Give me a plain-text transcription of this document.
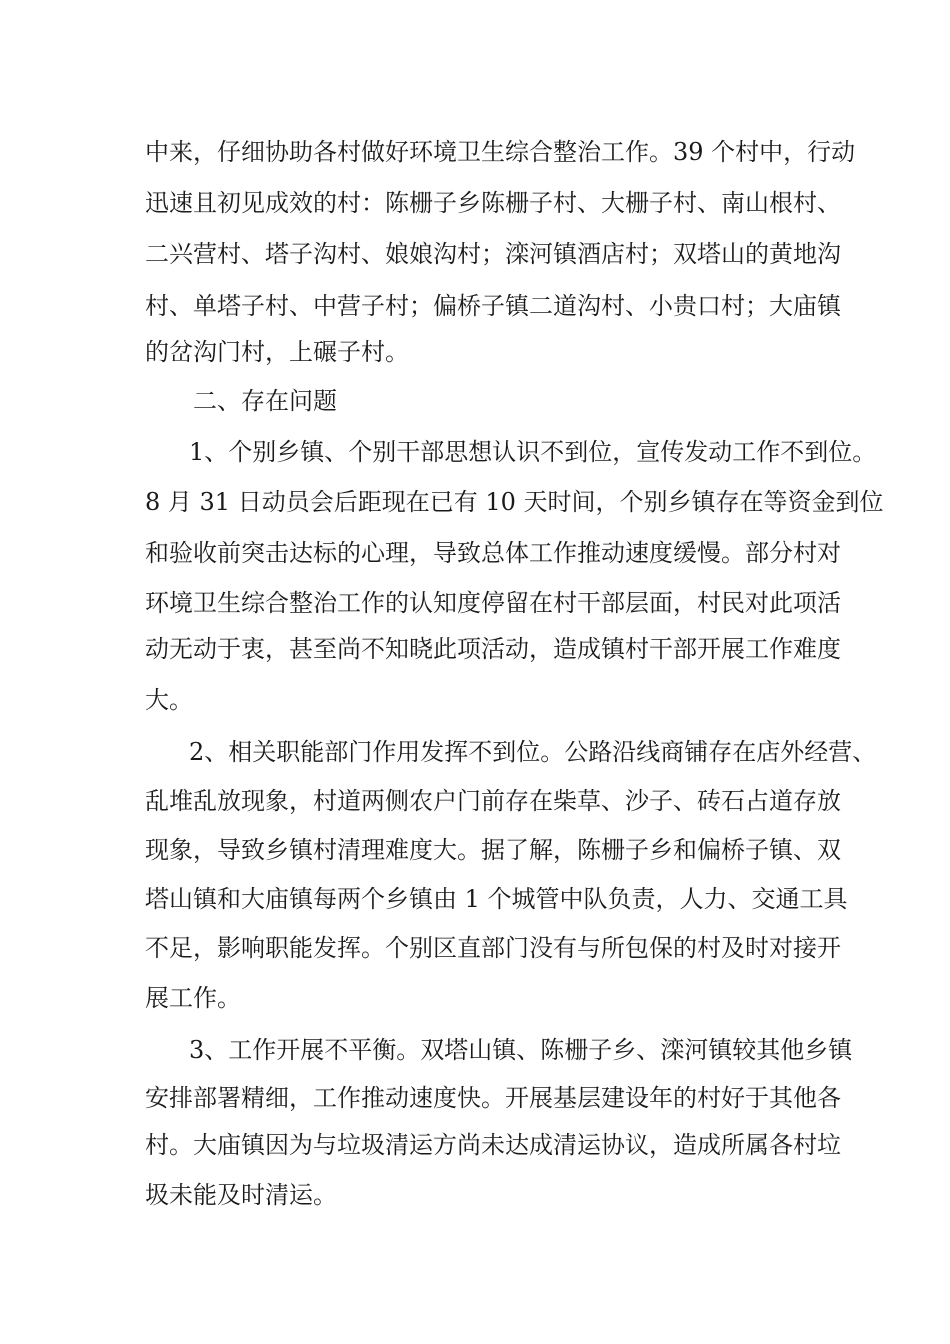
中来，仔细协助各村做好环境卫生综合整治工作。39 个村中，行动
迅速且初见成效的村：陈栅子乡陈栅子村、大栅子村、南山根村、
二兴营村、塔子沟村、娘娘沟村；滦河镇酒店村；双塔山的黄地沟
村、单塔子村、中营子村；偏桥子镇二道沟村、小贵口村；大庙镇
的岔沟门村，上碾子村。
二、存在问题
1、个别乡镇、个别干部思想认识不到位，宣传发动工作不到位。
8 月 31 日动员会后距现在已有 10 天时间，个别乡镇存在等资金到位
和验收前突击达标的心理，导致总体工作推动速度缓慢。部分村对
环境卫生综合整治工作的认知度停留在村干部层面，村民对此项活
动无动于衷，甚至尚不知晓此项活动，造成镇村干部开展工作难度
大。
2、相关职能部门作用发挥不到位。公路沿线商铺存在店外经营、
乱堆乱放现象，村道两侧农户门前存在柴草、沙子、砖石占道存放
现象，导致乡镇村清理难度大。据了解，陈栅子乡和偏桥子镇、双
塔山镇和大庙镇每两个乡镇由 1 个城管中队负责，人力、交通工具
不足，影响职能发挥。个别区直部门没有与所包保的村及时对接开
展工作。
3、工作开展不平衡。双塔山镇、陈栅子乡、滦河镇较其他乡镇
安排部署精细，工作推动速度快。开展基层建设年的村好于其他各
村。大庙镇因为与垃圾清运方尚未达成清运协议，造成所属各村垃
圾未能及时清运。
